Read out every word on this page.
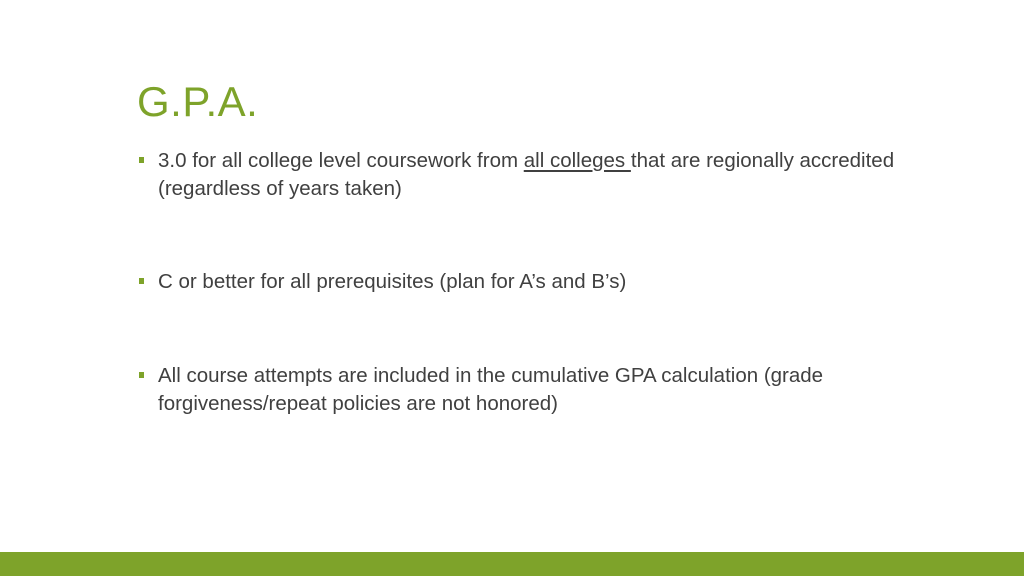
G.P.A.
3.0 for all college level coursework from all colleges that are regionally accredited (regardless of years taken)
C or better for all prerequisites (plan for A’s and B’s)
All course attempts are included in the cumulative GPA calculation (grade forgiveness/repeat policies are not honored)
